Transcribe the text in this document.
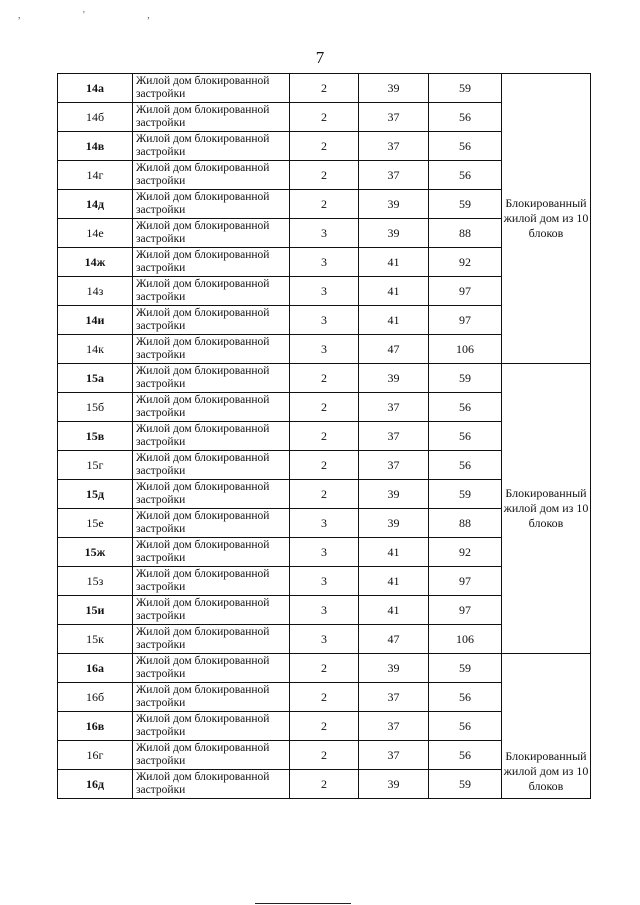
, ' ,
7
14а	Жилой дом блокированной застройки	2	39	59	Блокированный жилой дом из 10 блоков
14б	Жилой дом блокированной застройки	2	37	56	
14в	Жилой дом блокированной застройки	2	37	56	
14г	Жилой дом блокированной застройки	2	37	56	
14д	Жилой дом блокированной застройки	2	39	59	
14е	Жилой дом блокированной застройки	3	39	88	
14ж	Жилой дом блокированной застройки	3	41	92	
14з	Жилой дом блокированной застройки	3	41	97	
14и	Жилой дом блокированной застройки	3	41	97	
14к	Жилой дом блокированной застройки	3	47	106	
15а	Жилой дом блокированной застройки	2	39	59	Блокированный жилой дом из 10 блоков
15б	Жилой дом блокированной застройки	2	37	56	
15в	Жилой дом блокированной застройки	2	37	56	
15г	Жилой дом блокированной застройки	2	37	56	
15д	Жилой дом блокированной застройки	2	39	59	
15е	Жилой дом блокированной застройки	3	39	88	
15ж	Жилой дом блокированной застройки	3	41	92	
15з	Жилой дом блокированной застройки	3	41	97	
15и	Жилой дом блокированной застройки	3	41	97	
15к	Жилой дом блокированной застройки	3	47	106	
16а	Жилой дом блокированной застройки	2	39	59	Блокированный жилой дом из 10 блоков
16б	Жилой дом блокированной застройки	2	37	56	
16в	Жилой дом блокированной застройки	2	37	56	
16г	Жилой дом блокированной застройки	2	37	56	
16д	Жилой дом блокированной застройки	2	39	59	
